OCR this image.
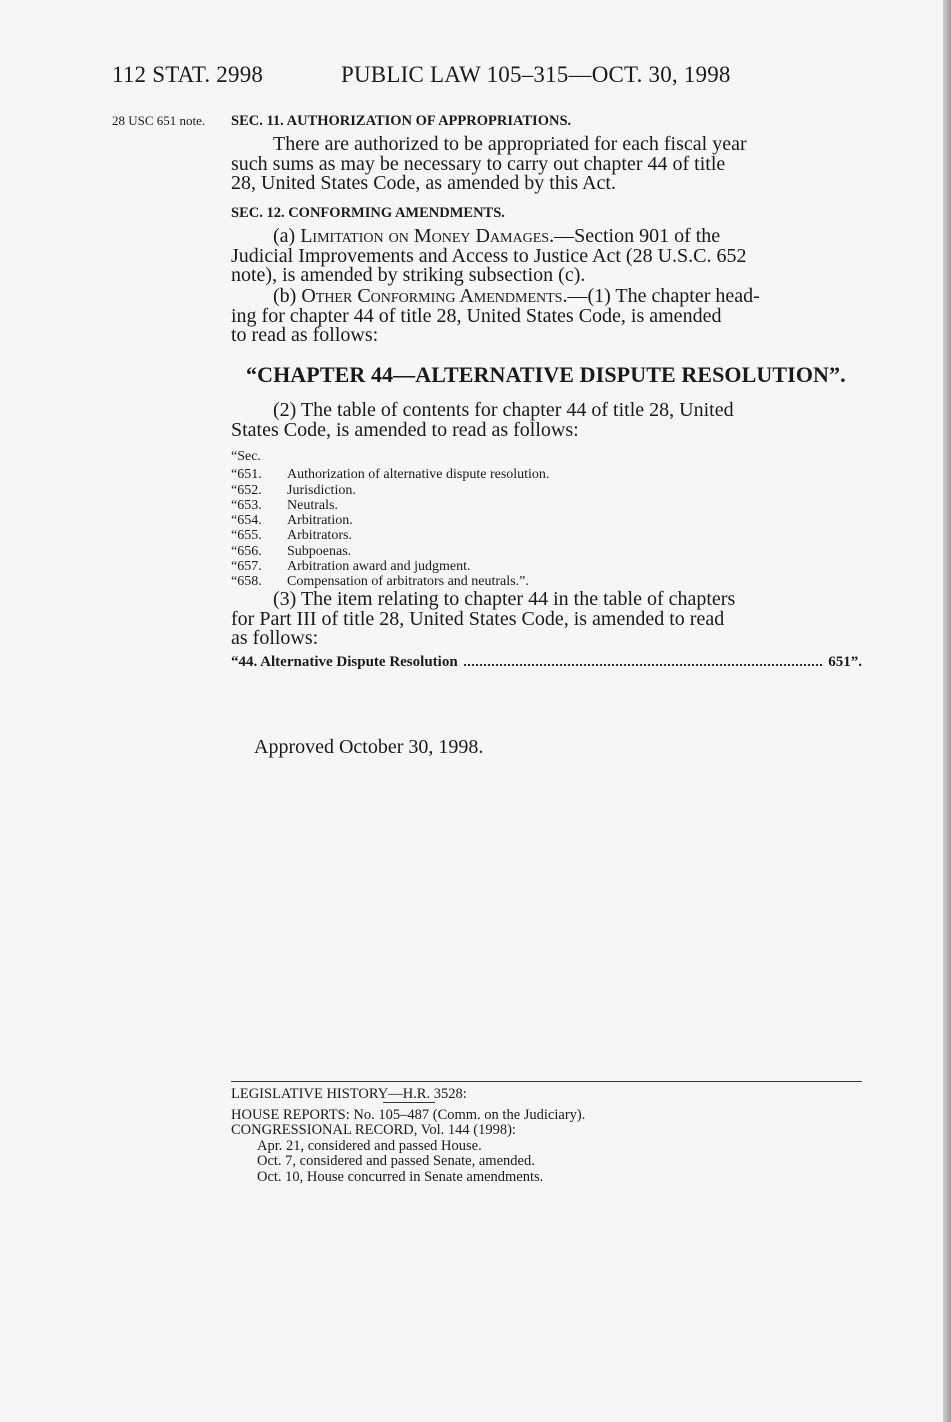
112 STAT. 2998	PUBLIC LAW 105–315—OCT. 30, 1998
28 USC 651 note. SEC. 11. AUTHORIZATION OF APPROPRIATIONS.
There are authorized to be appropriated for each fiscal year
such sums as may be necessary to carry out chapter 44 of title
28, United States Code, as amended by this Act.
SEC. 12. CONFORMING AMENDMENTS.
(a) Limitation on Money Damages.—Section 901 of the
Judicial Improvements and Access to Justice Act (28 U.S.C. 652
note), is amended by striking subsection (c).
(b) Other Conforming Amendments.—(1) The chapter head-
ing for chapter 44 of title 28, United States Code, is amended
to read as follows:
“CHAPTER 44—ALTERNATIVE DISPUTE RESOLUTION”.
(2) The table of contents for chapter 44 of title 28, United
States Code, is amended to read as follows:
“Sec.
“651.	Authorization of alternative dispute resolution.
“652.	Jurisdiction.
“653.	Neutrals.
“654.	Arbitration.
“655.	Arbitrators.
“656.	Subpoenas.
“657.	Arbitration award and judgment.
“658.	Compensation of arbitrators and neutrals.”.
(3) The item relating to chapter 44 in the table of chapters
for Part III of title 28, United States Code, is amended to read
as follows:
“44. Alternative Dispute Resolution	651”.
Approved October 30, 1998.
LEGISLATIVE HISTORY—H.R. 3528:
HOUSE REPORTS: No. 105–487 (Comm. on the Judiciary).
CONGRESSIONAL RECORD, Vol. 144 (1998):
Apr. 21, considered and passed House.
Oct. 7, considered and passed Senate, amended.
Oct. 10, House concurred in Senate amendments.
